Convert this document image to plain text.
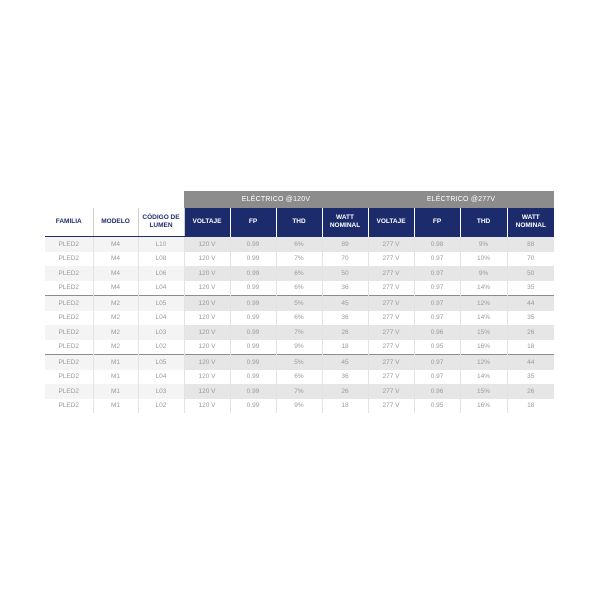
			ELÉCTRICO @120V				ELÉCTRICO @277V			
FAMILIA	MODELO	CÓDIGO DE LUMEN	VOLTAJE	FP	THD	WATT NOMINAL	VOLTAJE	FP	THD	WATT NOMINAL
PLED2	M4	L10	120 V	0.99	6%	89	277 V	0.98	9%	88
PLED2	M4	L08	120 V	0.99	7%	70	277 V	0.97	10%	70
PLED2	M4	L06	120 V	0.99	6%	50	277 V	0.97	9%	50
PLED2	M4	L04	120 V	0.99	6%	36	277 V	0.97	14%	35
PLED2	M2	L05	120 V	0.99	5%	45	277 V	0.97	12%	44
PLED2	M2	L04	120 V	0.99	6%	36	277 V	0.97	14%	35
PLED2	M2	L03	120 V	0.99	7%	26	277 V	0.96	15%	26
PLED2	M2	L02	120 V	0.99	9%	18	277 V	0.95	16%	18
PLED2	M1	L05	120 V	0.99	5%	45	277 V	0.97	12%	44
PLED2	M1	L04	120 V	0.99	6%	36	277 V	0.97	14%	35
PLED2	M1	L03	120 V	0.99	7%	26	277 V	0.96	15%	26
PLED2	M1	L02	120 V	0.99	9%	18	277 V	0.95	16%	18
